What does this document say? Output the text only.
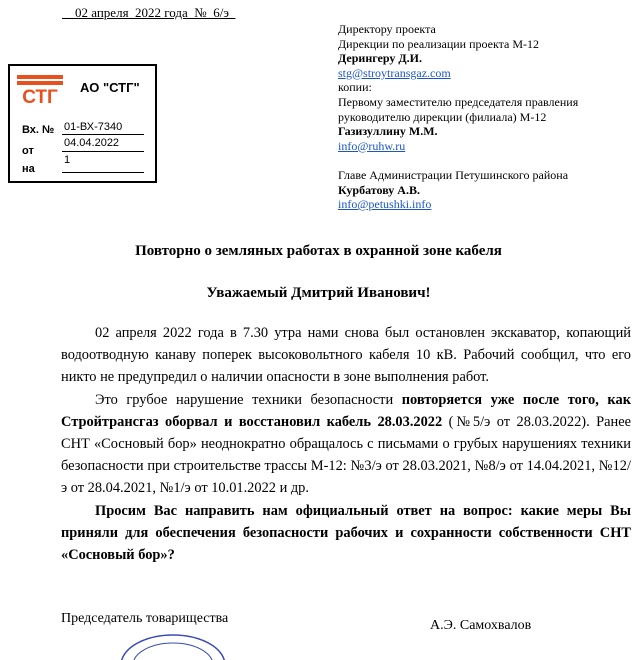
__02 апреля_2022 года  №_6/э_
СТГ АО "СТГ"
Вх. № 01-ВХ-7340
от
04.04.2022
на
1
Директору проекта
Дирекции по реализации проекта М-12
Дерингеру Д.И.
stg@stroytransgaz.com
копии:
Первому заместителю председателя правления
руководителю дирекции (филиала) М-12
Газизуллину М.М.
info@ruhw.ru
Главе Администрации Петушинского района
Курбатову А.В.
info@petushki.info
Повторно о земляных работах в охранной зоне кабеля
Уважаемый Дмитрий Иванович!

02 апреля 2022 года в 7.30 утра нами снова был остановлен экскаватор, копающий водоотводную канаву поперек высоковольтного кабеля 10 кВ. Рабочий сообщил, что его никто не предупредил о наличии опасности в зоне выполнения работ.

Это грубое нарушение техники безопасности повторяется уже после того, как Стройтрансгаз оборвал и восстановил кабель 28.03.2022 (№5/э от 28.03.2022). Ранее СНТ «Сосновый бор» неоднократно обращалось с письмами о грубых нарушениях техники безопасности при строительстве трассы М-12: №3/э от 28.03.2021, №8/э от 14.04.2021, №12/э от 28.04.2021, №1/э от 10.01.2022 и др.

Просим Вас направить нам официальный ответ на вопрос: какие меры Вы приняли для обеспечения безопасности рабочих и сохранности собственности СНТ «Сосновый бор»?

Председатель товарищества	А.Э. Самохвалов
